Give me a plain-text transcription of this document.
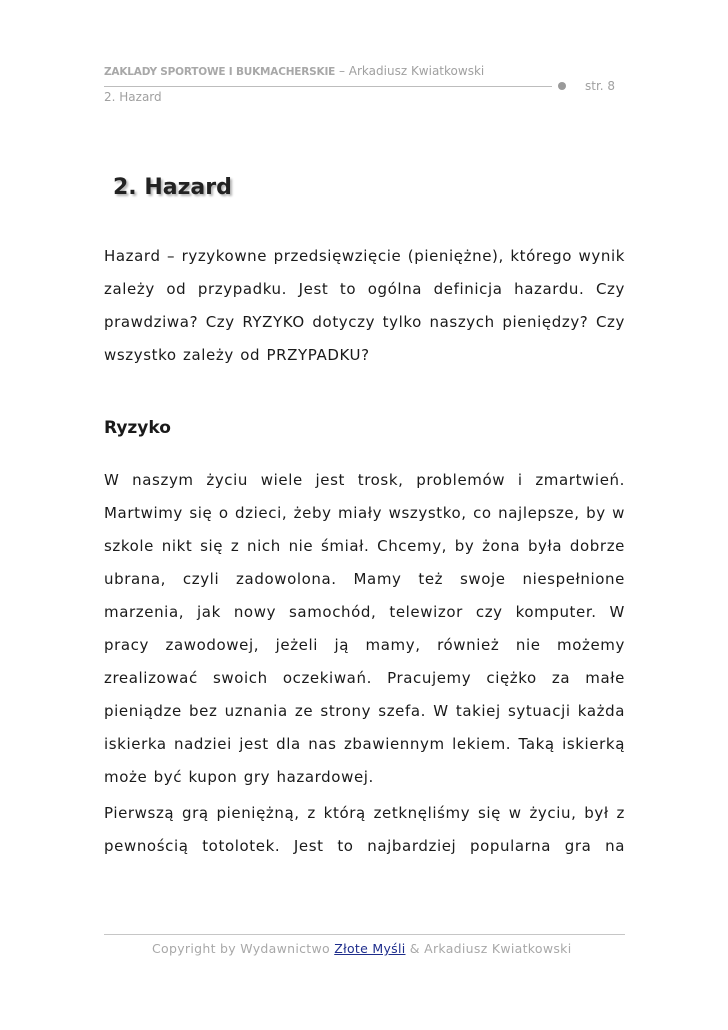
ZAKLADY SPORTOWE I BUKMACHERSKIE – Arkadiusz Kwiatkowski
str. 8
2. Hazard
2. Hazard

Hazard – ryzykowne przedsięwzięcie (pieniężne), którego wynik zależy od przypadku. Jest to ogólna definicja hazardu. Czy prawdziwa? Czy RYZYKO dotyczy tylko naszych pieniędzy? Czy wszystko zależy od PRZYPADKU?

Ryzyko

W naszym życiu wiele jest trosk, problemów i zmartwień. Martwimy się o dzieci, żeby miały wszystko, co najlepsze, by w szkole nikt się z nich nie śmiał. Chcemy, by żona była dobrze ubrana, czyli zadowolona. Mamy też swoje niespełnione marzenia, jak nowy samochód, telewizor czy komputer. W pracy zawodowej, jeżeli ją mamy, również nie możemy zrealizować swoich oczekiwań. Pracujemy ciężko za małe pieniądze bez uznania ze strony szefa. W takiej sytuacji każda iskierka nadziei jest dla nas zbawiennym lekiem. Taką iskierką może być kupon gry hazardowej.

Pierwszą grą pieniężną, z którą zetknęliśmy się w życiu, był z pewnością totolotek. Jest to najbardziej popularna gra na

Copyright by Wydawnictwo Złote Myśli & Arkadiusz Kwiatkowski
